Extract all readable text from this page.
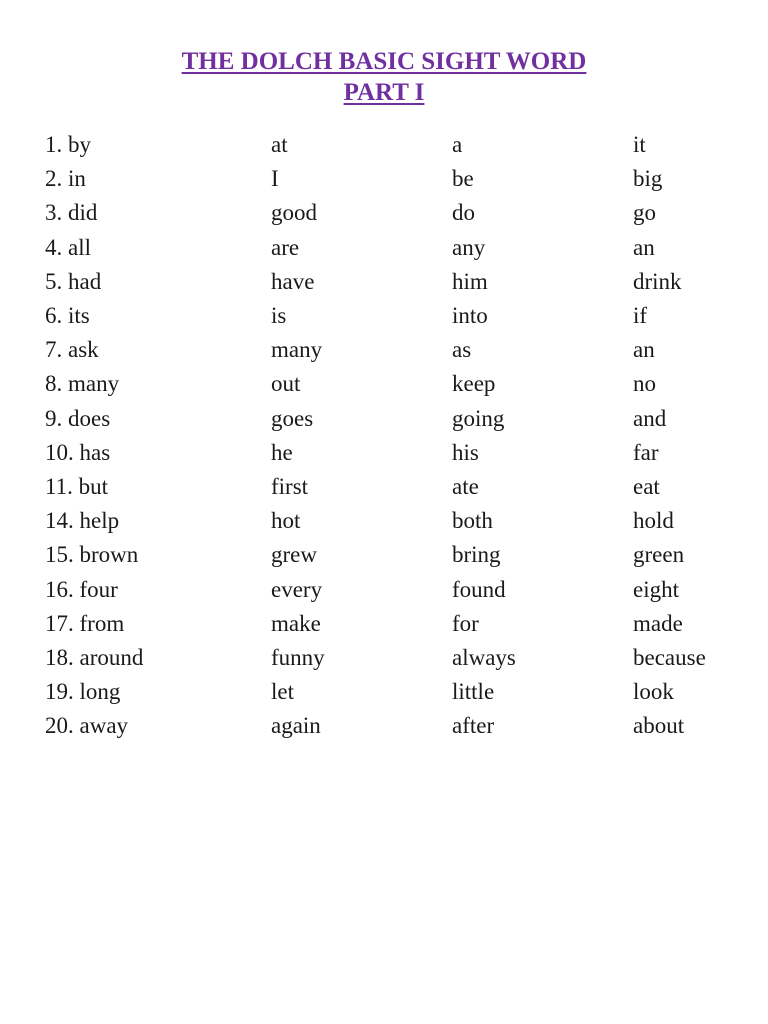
THE DOLCH BASIC SIGHT WORD
PART I
1. by	at	a	it
2. in	I	be	big
3. did	good	do	go
4. all	are	any	an
5. had	have	him	drink
6. its	is	into	if
7. ask	many	as	an
8. many	out	keep	no
9. does	goes	going	and
10. has	he	his	far
11. but	first	ate	eat
14. help	hot	both	hold
15. brown	grew	bring	green
16. four	every	found	eight
17. from	make	for	made
18. around	funny	always	because
19. long	let	little	look
20. away	again	after	about
